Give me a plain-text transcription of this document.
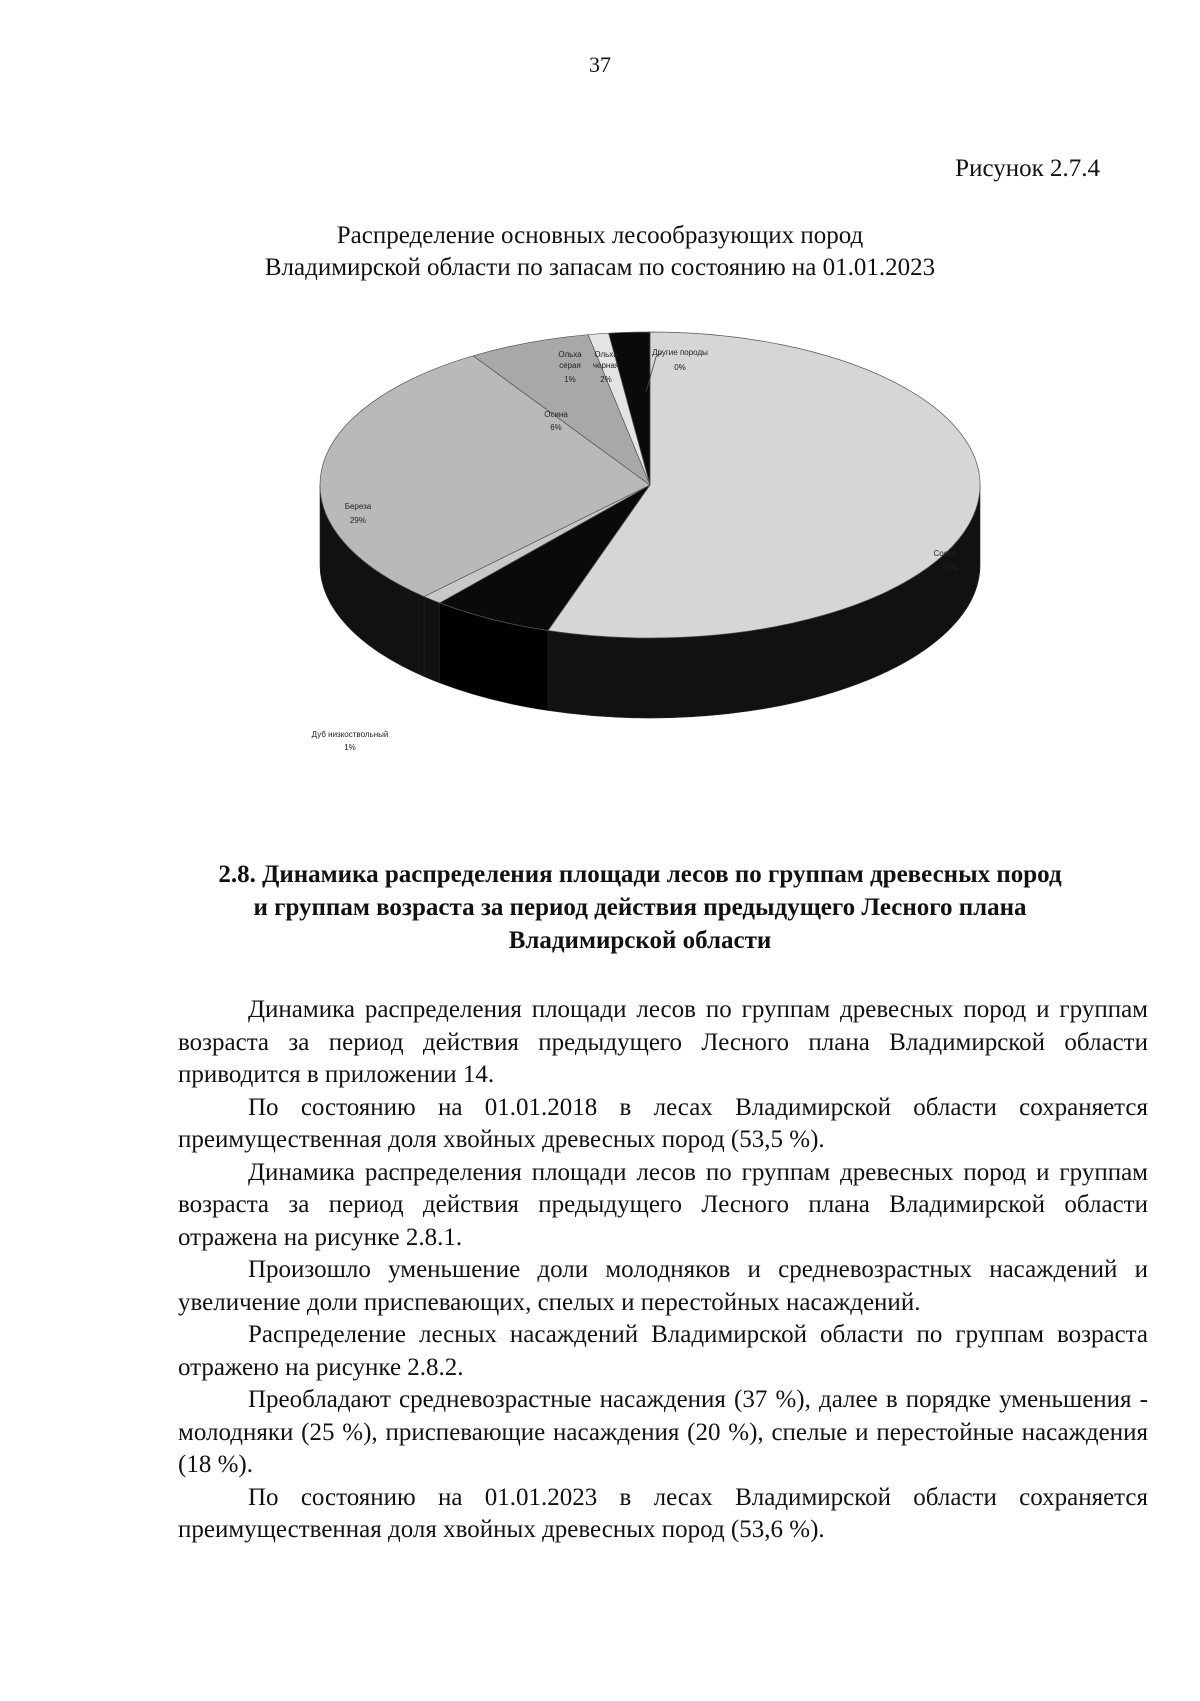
37
Рисунок 2.7.4
Распределение основных лесообразующих пород
Владимирской области по запасам по состоянию на 01.01.2023
Ольха
серая
1%
Ольха
черная
2%
Другие породы
0%
Осина
6%
Береза
29%
Сосна
55%
Дуб низкоствольный
1%
2.8. Динамика распределения площади лесов по группам древесных пород
и группам возраста за период действия предыдущего Лесного плана
Владимирской области

Динамика распределения площади лесов по группам древесных пород и группам возраста за период действия предыдущего Лесного плана Владимирской области приводится в приложении 14.

По состоянию на 01.01.2018 в лесах Владимирской области сохраняется преимущественная доля хвойных древесных пород (53,5 %).

Динамика распределения площади лесов по группам древесных пород и группам возраста за период действия предыдущего Лесного плана Владимирской области отражена на рисунке 2.8.1.

Произошло уменьшение доли молодняков и средневозрастных насаждений и увеличение доли приспевающих, спелых и перестойных насаждений.

Распределение лесных насаждений Владимирской области по группам возраста отражено на рисунке 2.8.2.

Преобладают средневозрастные насаждения (37 %), далее в порядке уменьшения - молодняки (25 %), приспевающие насаждения (20 %), спелые и перестойные насаждения (18 %).

По состоянию на 01.01.2023 в лесах Владимирской области сохраняется преимущественная доля хвойных древесных пород (53,6 %).
